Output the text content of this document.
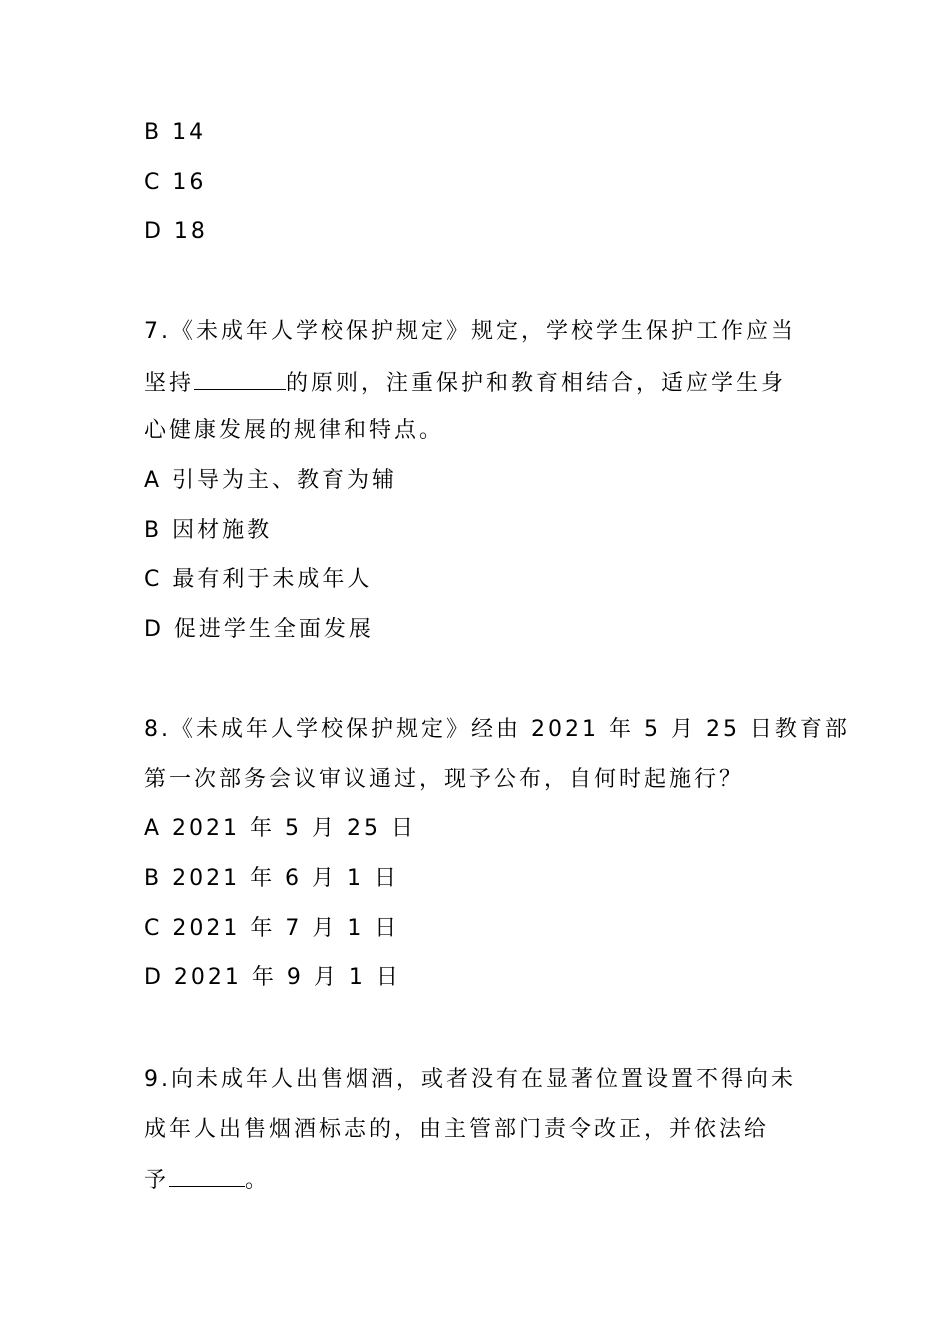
B 14
C 16
D 18
7.《未成年人学校保护规定》规定，学校学生保护工作应当
坚持	的原则，注重保护和教育相结合，适应学生身
心健康发展的规律和特点。
A 引导为主、教育为辅
B 因材施教
C 最有利于未成年人
D 促进学生全面发展
8.《未成年人学校保护规定》经由 2021 年 5 月 25 日教育部
第一次部务会议审议通过，现予公布，自何时起施行？
A 2021 年 5 月 25 日
B 2021 年 6 月 1 日
C 2021 年 7 月 1 日
D 2021 年 9 月 1 日
9.向未成年人出售烟酒，或者没有在显著位置设置不得向未
成年人出售烟酒标志的，由主管部门责令改正，并依法给
予	。
